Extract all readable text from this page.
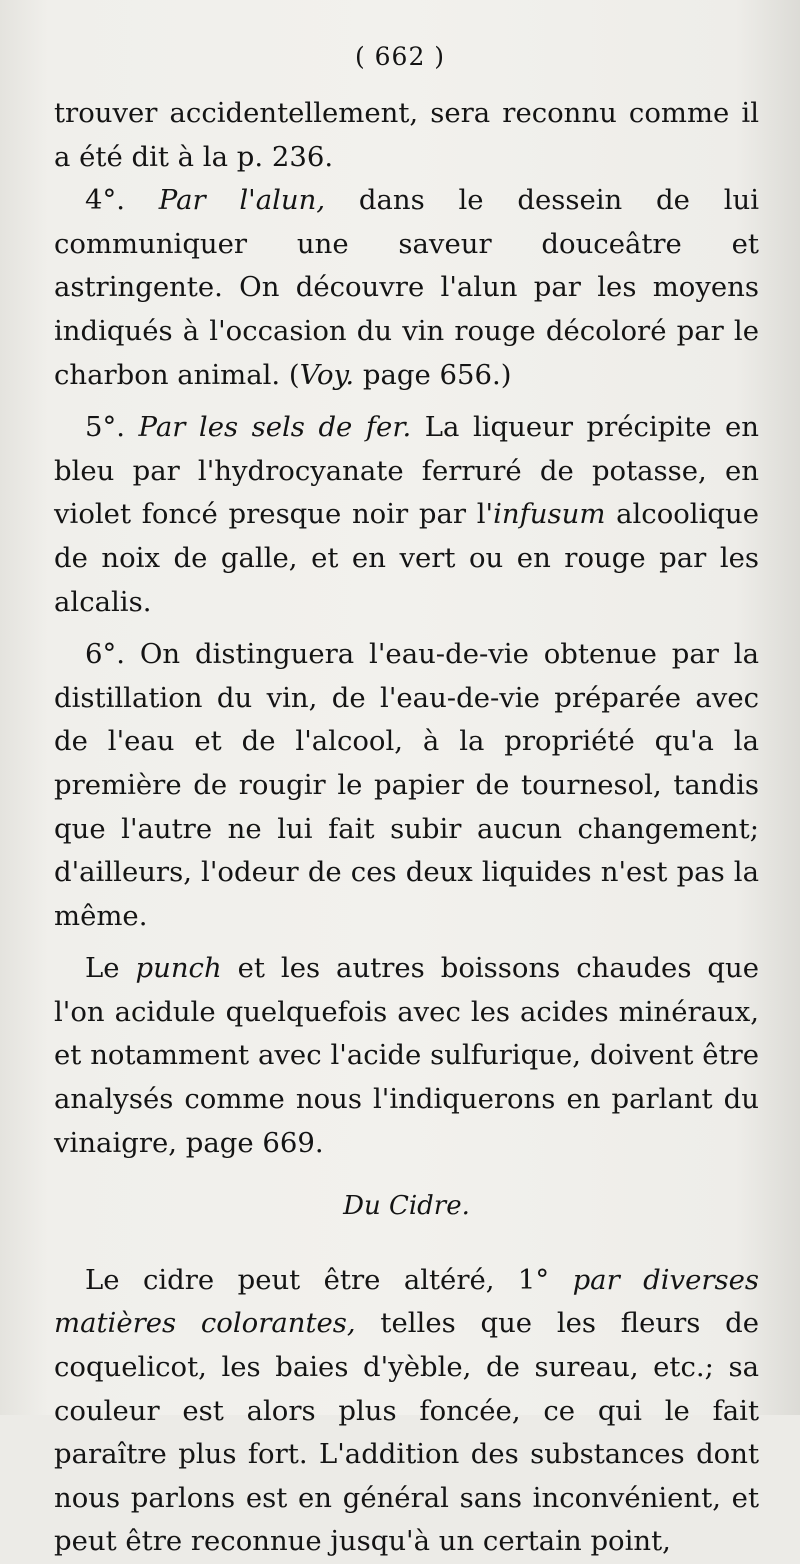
( 662 )

trouver accidentellement, sera reconnu comme il a été dit à la p. 236.

4°. Par l'alun, dans le dessein de lui communiquer une saveur douceâtre et astringente. On découvre l'alun par les moyens indiqués à l'occasion du vin rouge décoloré par le charbon animal. (Voy. page 656.)

5°. Par les sels de fer. La liqueur précipite en bleu par l'hydrocyanate ferruré de potasse, en violet foncé presque noir par l'infusum alcoolique de noix de galle, et en vert ou en rouge par les alcalis.

6°. On distinguera l'eau-de-vie obtenue par la distillation du vin, de l'eau-de-vie préparée avec de l'eau et de l'alcool, à la propriété qu'a la première de rougir le papier de tournesol, tandis que l'autre ne lui fait subir aucun changement; d'ailleurs, l'odeur de ces deux liquides n'est pas la même.

Le punch et les autres boissons chaudes que l'on acidule quelquefois avec les acides minéraux, et notamment avec l'acide sulfurique, doivent être analysés comme nous l'indiquerons en parlant du vinaigre, page 669.

Du Cidre.

Le cidre peut être altéré, 1° par diverses matières colorantes, telles que les fleurs de coquelicot, les baies d'yèble, de sureau, etc.; sa couleur est alors plus foncée, ce qui le fait paraître plus fort. L'addition des substances dont nous parlons est en général sans inconvénient, et peut être reconnue jusqu'à un certain point,
